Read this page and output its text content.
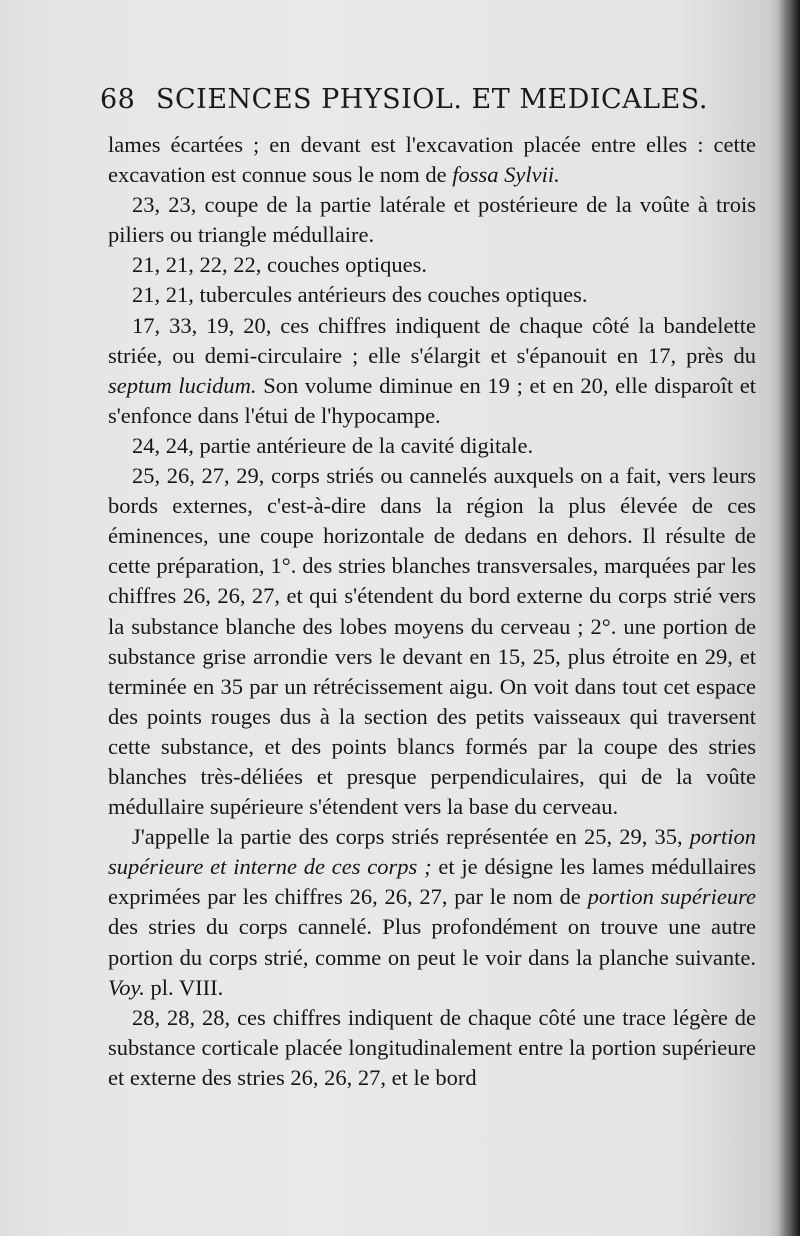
68 SCIENCES PHYSIOL. ET MEDICALES.

lames écartées ; en devant est l'excavation placée entre elles : cette excavation est connue sous le nom de fossa Sylvii.

23, 23, coupe de la partie latérale et postérieure de la voûte à trois piliers ou triangle médullaire.

21, 21, 22, 22, couches optiques.

21, 21, tubercules antérieurs des couches optiques.

17, 33, 19, 20, ces chiffres indiquent de chaque côté la bandelette striée, ou demi-circulaire ; elle s'élargit et s'épanouit en 17, près du septum lucidum. Son volume diminue en 19 ; et en 20, elle disparoît et s'enfonce dans l'étui de l'hypocampe.

24, 24, partie antérieure de la cavité digitale.

25, 26, 27, 29, corps striés ou cannelés auxquels on a fait, vers leurs bords externes, c'est-à-dire dans la région la plus élevée de ces éminences, une coupe horizontale de dedans en dehors. Il résulte de cette préparation, 1°. des stries blanches transversales, marquées par les chiffres 26, 26, 27, et qui s'étendent du bord externe du corps strié vers la substance blanche des lobes moyens du cerveau ; 2°. une portion de substance grise arrondie vers le devant en 15, 25, plus étroite en 29, et terminée en 35 par un rétrécissement aigu. On voit dans tout cet espace des points rouges dus à la section des petits vaisseaux qui traversent cette substance, et des points blancs formés par la coupe des stries blanches très-déliées et presque perpendiculaires, qui de la voûte médullaire supérieure s'étendent vers la base du cerveau.

J'appelle la partie des corps striés représentée en 25, 29, 35, portion supérieure et interne de ces corps ; et je désigne les lames médullaires exprimées par les chiffres 26, 26, 27, par le nom de portion supérieure des stries du corps cannelé. Plus profondément on trouve une autre portion du corps strié, comme on peut le voir dans la planche suivante. Voy. pl. VIII.

28, 28, 28, ces chiffres indiquent de chaque côté une trace légère de substance corticale placée longitudinalement entre la portion supérieure et externe des stries 26, 26, 27, et le bord
